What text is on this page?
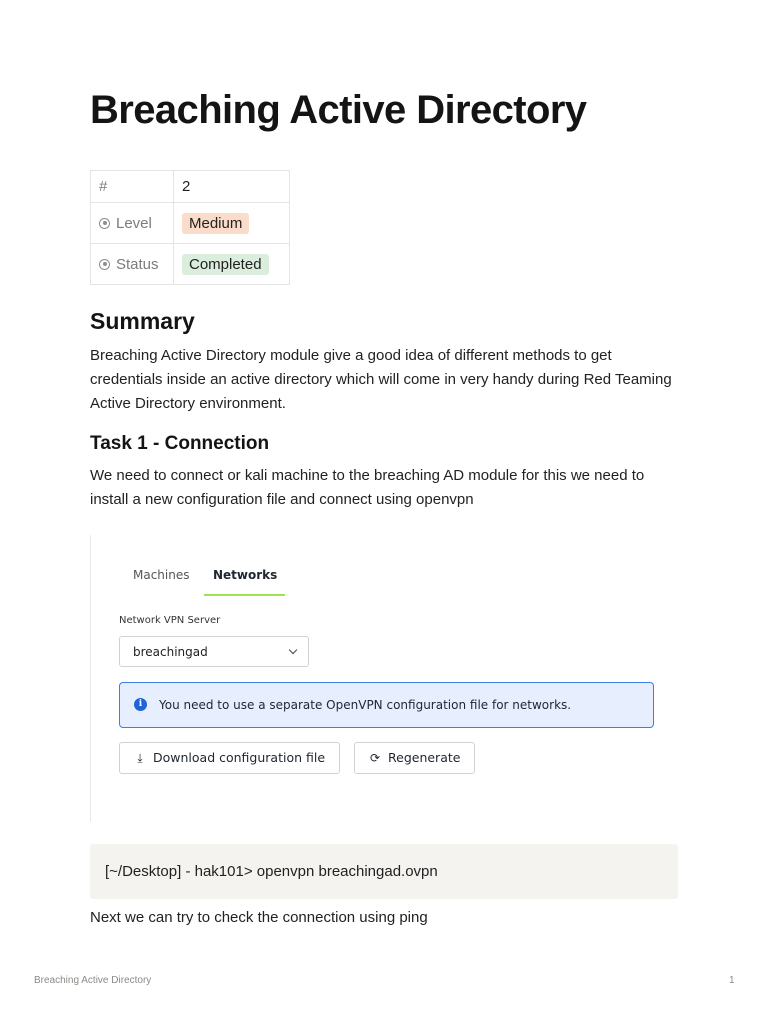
Breaching Active Directory
#	2
Level	Medium
Status	Completed
Summary

Breaching Active Directory module give a good idea of different methods to get credentials inside an active directory which will come in very handy during Red Teaming Active Directory environment.

Task 1 - Connection

We need to connect or kali machine to the breaching AD module for this we need to install a new configuration file and connect using openvpn

Machines Networks
Network VPN Server
breachingad
i	You need to use a separate OpenVPN configuration file for networks.
⤓ Download configuration file	⟳ Regenerate
[~/Desktop] - hak101> openvpn breachingad.ovpn

Next we can try to check the connection using ping

Breaching Active Directory	1
